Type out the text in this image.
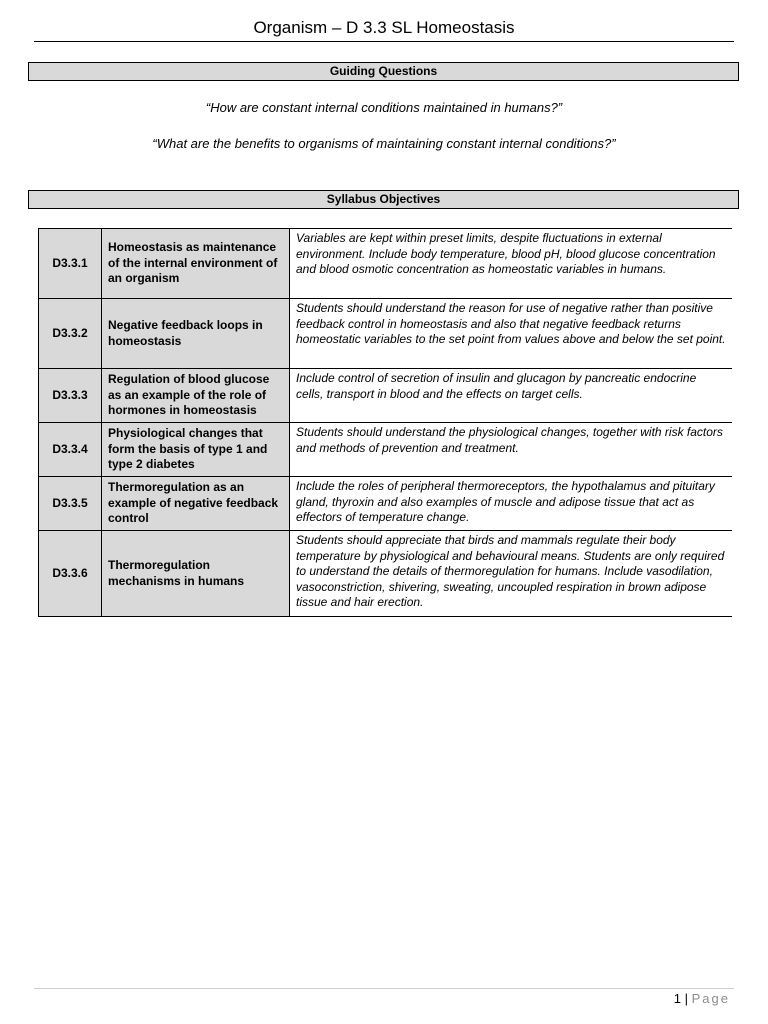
Organism – D 3.3 SL Homeostasis
Guiding Questions
“How are constant internal conditions maintained in humans?”
“What are the benefits to organisms of maintaining constant internal conditions?”
Syllabus Objectives
D3.3.1	Homeostasis as maintenance of the internal environment of an organism	Variables are kept within preset limits, despite fluctuations in external environment. Include body temperature, blood pH, blood glucose concentration and blood osmotic concentration as homeostatic variables in humans.
D3.3.2	Negative feedback loops in homeostasis	Students should understand the reason for use of negative rather than positive feedback control in homeostasis and also that negative feedback returns homeostatic variables to the set point from values above and below the set point.
D3.3.3	Regulation of blood glucose as an example of the role of hormones in homeostasis	Include control of secretion of insulin and glucagon by pancreatic endocrine cells, transport in blood and the effects on target cells.
D3.3.4	Physiological changes that form the basis of type 1 and type 2 diabetes	Students should understand the physiological changes, together with risk factors and methods of prevention and treatment.
D3.3.5	Thermoregulation as an example of negative feedback control	Include the roles of peripheral thermoreceptors, the hypothalamus and pituitary gland, thyroxin and also examples of muscle and adipose tissue that act as effectors of temperature change.
D3.3.6	Thermoregulation mechanisms in humans	Students should appreciate that birds and mammals regulate their body temperature by physiological and behavioural means. Students are only required to understand the details of thermoregulation for humans. Include vasodilation, vasoconstriction, shivering, sweating, uncoupled respiration in brown adipose tissue and hair erection.
1 | Page
